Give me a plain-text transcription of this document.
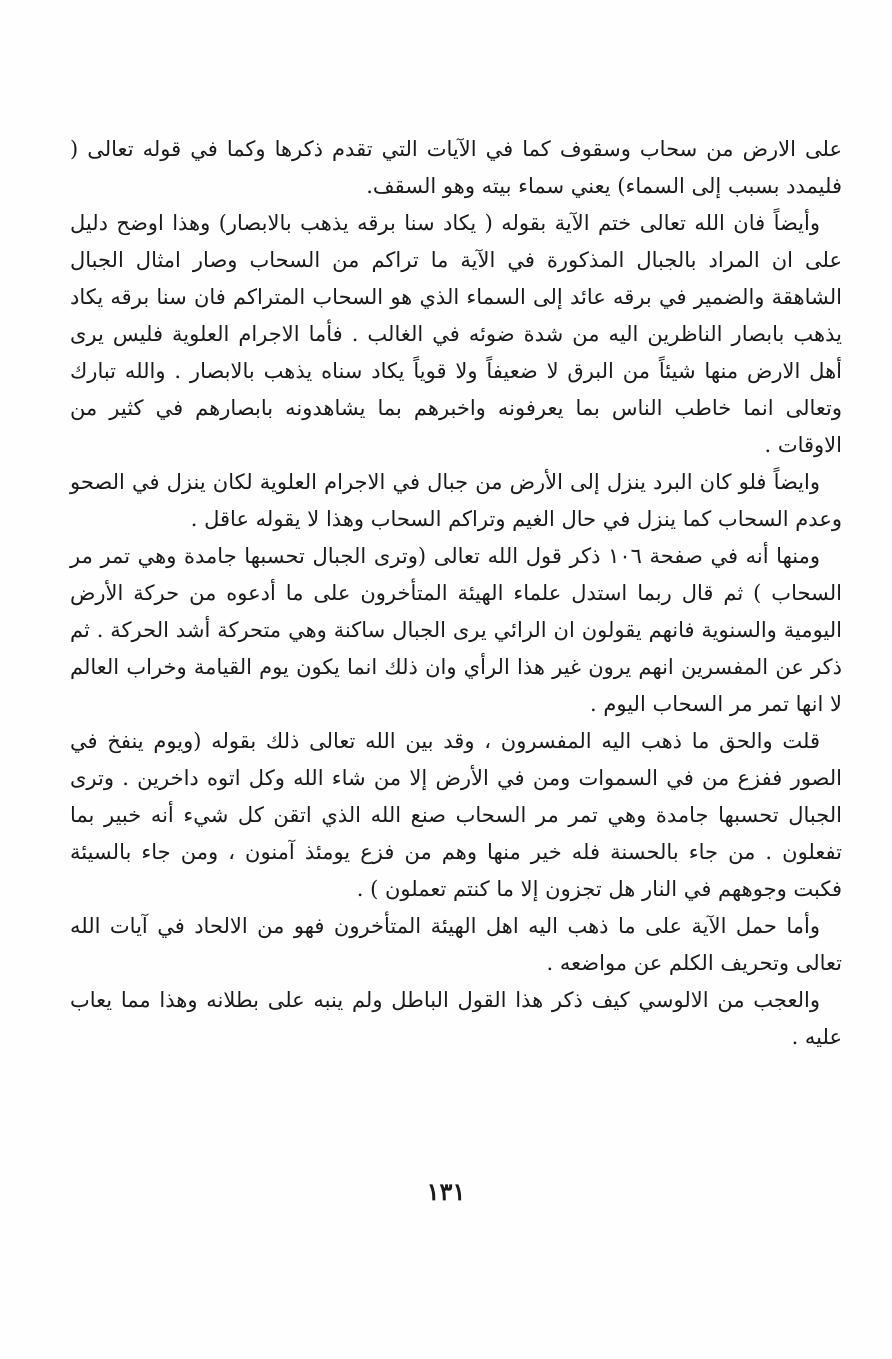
على الارض من سحاب وسقوف كما في الآيات التي تقدم ذكرها وكما في قوله تعالى ( فليمدد بسبب إلى السماء) يعني سماء بيته وهو السقف.

وأيضاً فان الله تعالى ختم الآية بقوله ( يكاد سنا برقه يذهب بالابصار) وهذا اوضح دليل على ان المراد بالجبال المذكورة في الآية ما تراكم من السحاب وصار امثال الجبال الشاهقة والضمير في برقه عائد إلى السماء الذي هو السحاب المتراكم فان سنا برقه يكاد يذهب بابصار الناظرين اليه من شدة ضوئه في الغالب . فأما الاجرام العلوية فليس يرى أهل الارض منها شيئاً من البرق لا ضعيفاً ولا قوياً يكاد سناه يذهب بالابصار . والله تبارك وتعالى انما خاطب الناس بما يعرفونه واخبرهم بما يشاهدونه بابصارهم في كثير من الاوقات .

وايضاً فلو كان البرد ينزل إلى الأرض من جبال في الاجرام العلوية لكان ينزل في الصحو وعدم السحاب كما ينزل في حال الغيم وتراكم السحاب وهذا لا يقوله عاقل .

ومنها أنه في صفحة ١٠٦ ذكر قول الله تعالى (وترى الجبال تحسبها جامدة وهي تمر مر السحاب ) ثم قال ربما استدل علماء الهيئة المتأخرون على ما أدعوه من حركة الأرض اليومية والسنوية فانهم يقولون ان الرائي يرى الجبال ساكنة وهي متحركة أشد الحركة . ثم ذكر عن المفسرين انهم يرون غير هذا الرأي وان ذلك انما يكون يوم القيامة وخراب العالم لا انها تمر مر السحاب اليوم .

قلت والحق ما ذهب اليه المفسرون ، وقد بين الله تعالى ذلك بقوله (ويوم ينفخ في الصور ففزع من في السموات ومن في الأرض إلا من شاء الله وكل اتوه داخرين . وترى الجبال تحسبها جامدة وهي تمر مر السحاب صنع الله الذي اتقن كل شيء أنه خبير بما تفعلون . من جاء بالحسنة فله خير منها وهم من فزع يومئذ آمنون ، ومن جاء بالسيئة فكبت وجوههم في النار هل تجزون إلا ما كنتم تعملون ) .

وأما حمل الآية على ما ذهب اليه اهل الهيئة المتأخرون فهو من الالحاد في آيات الله تعالى وتحريف الكلم عن مواضعه .

والعجب من الالوسي كيف ذكر هذا القول الباطل ولم ينبه على بطلانه وهذا مما يعاب عليه .

١٣١
